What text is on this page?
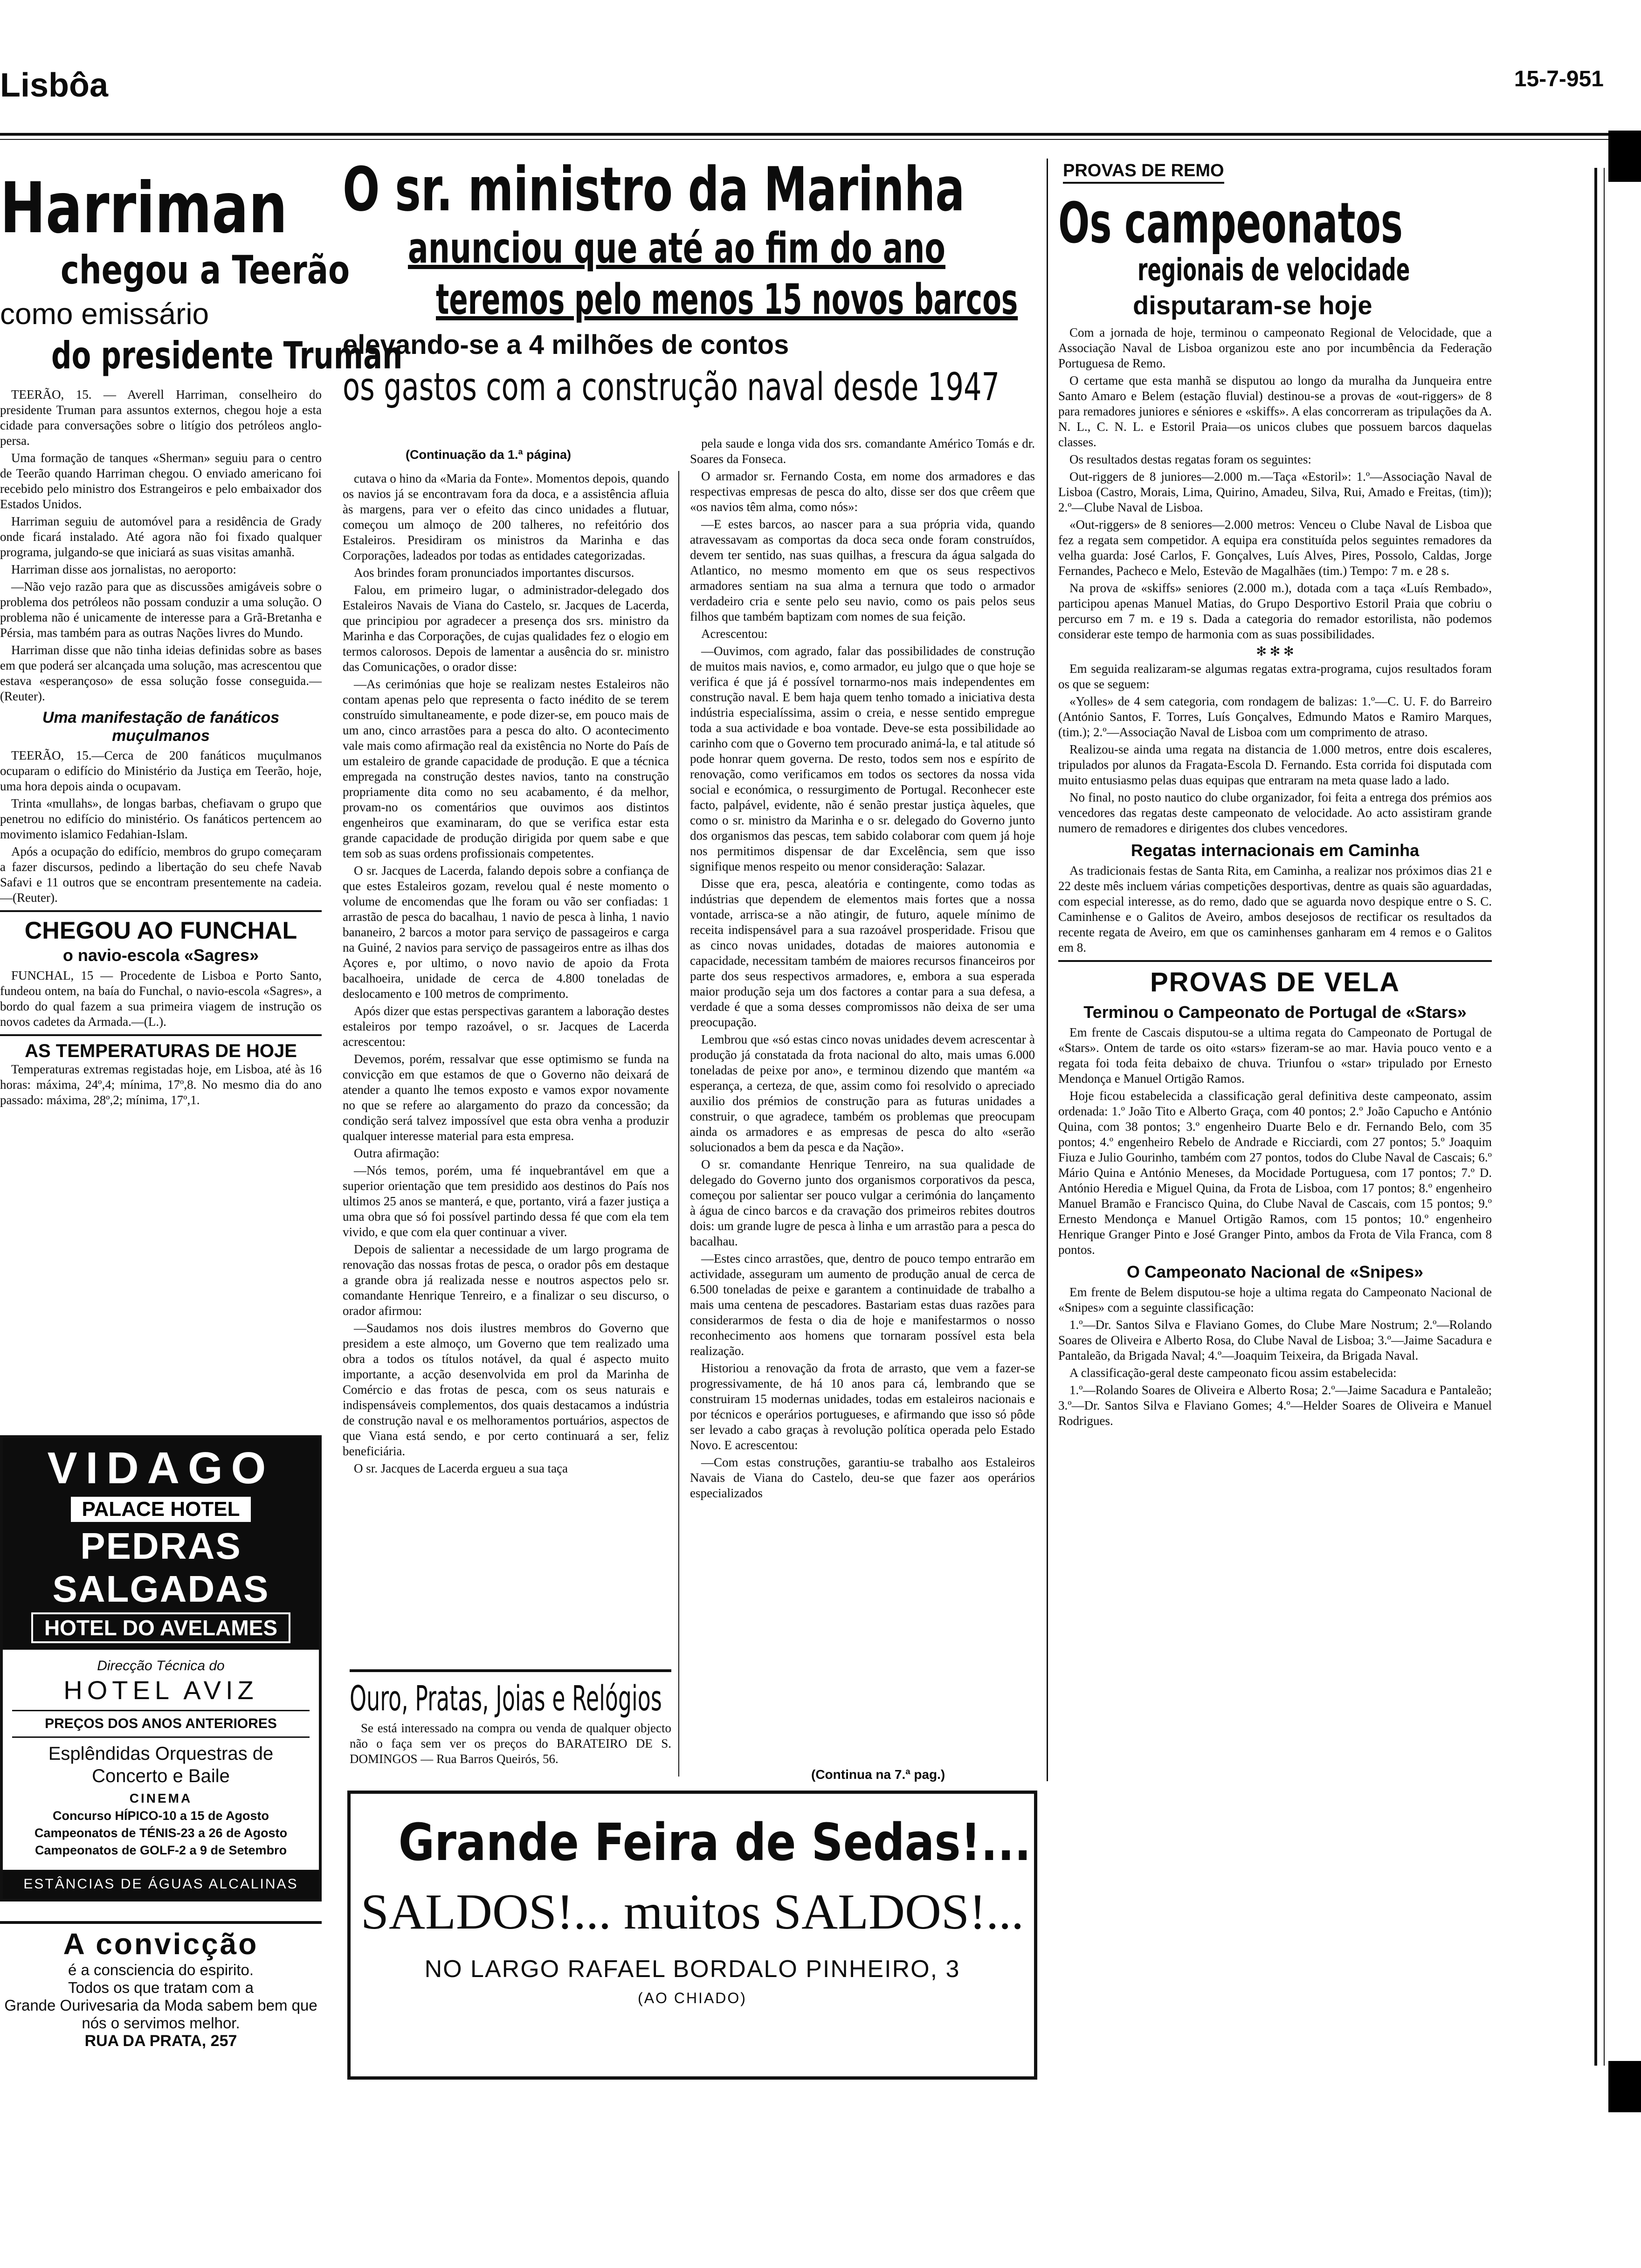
Lisbôa	15-7-951
Harriman
chegou a Teerão
como emissário
do presidente Truman

TEERÃO, 15. — Averell Harriman, conselheiro do presidente Truman para assuntos externos, chegou hoje a esta cidade para conversações sobre o litígio dos petróleos anglo-persa.

Uma formação de tanques «Sherman» seguiu para o centro de Teerão quando Harriman chegou. O enviado americano foi recebido pelo ministro dos Estrangeiros e pelo embaixador dos Estados Unidos.

Harriman seguiu de automóvel para a residência de Grady onde ficará instalado. Até agora não foi fixado qualquer programa, julgando-se que iniciará as suas visitas amanhã.

Harriman disse aos jornalistas, no aeroporto:

—Não vejo razão para que as discussões amigáveis sobre o problema dos petróleos não possam conduzir a uma solução. O problema não é unicamente de interesse para a Grã-Bretanha e Pérsia, mas também para as outras Nações livres do Mundo.

Harriman disse que não tinha ideias definidas sobre as bases em que poderá ser alcançada uma solução, mas acrescentou que estava «esperançoso» de essa solução fosse conseguida.—(Reuter).

Uma manifestação de fanáticos muçulmanos

TEERÃO, 15.—Cerca de 200 fanáticos muçulmanos ocuparam o edifício do Ministério da Justiça em Teerão, hoje, uma hora depois ainda o ocupavam.

Trinta «mullahs», de longas barbas, chefiavam o grupo que penetrou no edifício do ministério. Os fanáticos pertencem ao movimento islamico Fedahian-Islam.

Após a ocupação do edifício, membros do grupo começaram a fazer discursos, pedindo a libertação do seu chefe Navab Safavi e 11 outros que se encontram presentemente na cadeia.—(Reuter).

CHEGOU AO FUNCHAL
o navio-escola «Sagres»

FUNCHAL, 15 — Procedente de Lisboa e Porto Santo, fundeou ontem, na baía do Funchal, o navio-escola «Sagres», a bordo do qual fazem a sua primeira viagem de instrução os novos cadetes da Armada.—(L.).

AS TEMPERATURAS DE HOJE

Temperaturas extremas registadas hoje, em Lisboa, até às 16 horas: máxima, 24º,4; mínima, 17º,8. No mesmo dia do ano passado: máxima, 28º,2; mínima, 17º,1.

VIDAGO
PALACE HOTEL
PEDRAS SALGADAS
HOTEL DO AVELAMES
Direcção Técnica do
HOTEL AVIZ
PREÇOS DOS ANOS ANTERIORES
Esplêndidas Orquestras de Concerto e Baile
CINEMA
Concurso HÍPICO-10 a 15 de Agosto
Campeonatos de TÉNIS-23 a 26 de Agosto
Campeonatos de GOLF-2 a 9 de Setembro
ESTÂNCIAS DE ÁGUAS ALCALINAS
A convicção
é a consciencia do espirito.
Todos os que tratam com a
Grande Ourivesaria da Moda sabem bem que nós o servimos melhor.
RUA DA PRATA, 257
O sr. ministro da Marinha
anunciou que até ao fim do ano
teremos pelo menos 15 novos barcos
elevando-se a 4 milhões de contos
os gastos com a construção naval desde 1947
(Continuação da 1.ª página)

cutava o hino da «Maria da Fonte». Momentos depois, quando os navios já se encontravam fora da doca, e a assistência afluia às margens, para ver o efeito das cinco unidades a flutuar, começou um almoço de 200 talheres, no refeitório dos Estaleiros. Presidiram os ministros da Marinha e das Corporações, ladeados por todas as entidades categorizadas.

Aos brindes foram pronunciados importantes discursos.

Falou, em primeiro lugar, o administrador-delegado dos Estaleiros Navais de Viana do Castelo, sr. Jacques de Lacerda, que principiou por agradecer a presença dos srs. ministro da Marinha e das Corporações, de cujas qualidades fez o elogio em termos calorosos. Depois de lamentar a ausência do sr. ministro das Comunicações, o orador disse:

—As cerimónias que hoje se realizam nestes Estaleiros não contam apenas pelo que representa o facto inédito de se terem construído simultaneamente, e pode dizer-se, em pouco mais de um ano, cinco arrastões para a pesca do alto. O acontecimento vale mais como afirmação real da existência no Norte do País de um estaleiro de grande capacidade de produção. E que a técnica empregada na construção destes navios, tanto na construção propriamente dita como no seu acabamento, é da melhor, provam-no os comentários que ouvimos aos distintos engenheiros que examinaram, do que se verifica estar esta grande capacidade de produção dirigida por quem sabe e que tem sob as suas ordens profissionais competentes.

O sr. Jacques de Lacerda, falando depois sobre a confiança de que estes Estaleiros gozam, revelou qual é neste momento o volume de encomendas que lhe foram ou vão ser confiadas: 1 arrastão de pesca do bacalhau, 1 navio de pesca à linha, 1 navio bananeiro, 2 barcos a motor para serviço de passageiros e carga na Guiné, 2 navios para serviço de passageiros entre as ilhas dos Açores e, por ultimo, o novo navio de apoio da Frota bacalhoeira, unidade de cerca de 4.800 toneladas de deslocamento e 100 metros de comprimento.

Após dizer que estas perspectivas garantem a laboração destes estaleiros por tempo razoável, o sr. Jacques de Lacerda acrescentou:

Devemos, porém, ressalvar que esse optimismo se funda na convicção em que estamos de que o Governo não deixará de atender a quanto lhe temos exposto e vamos expor novamente no que se refere ao alargamento do prazo da concessão; da condição será talvez impossível que esta obra venha a produzir qualquer interesse material para esta empresa.

Outra afirmação:

—Nós temos, porém, uma fé inquebrantável em que a superior orientação que tem presidido aos destinos do País nos ultimos 25 anos se manterá, e que, portanto, virá a fazer justiça a uma obra que só foi possível partindo dessa fé que com ela tem vivido, e que com ela quer continuar a viver.

Depois de salientar a necessidade de um largo programa de renovação das nossas frotas de pesca, o orador pôs em destaque a grande obra já realizada nesse e noutros aspectos pelo sr. comandante Henrique Tenreiro, e a finalizar o seu discurso, o orador afirmou:

—Saudamos nos dois ilustres membros do Governo que presidem a este almoço, um Governo que tem realizado uma obra a todos os títulos notável, da qual é aspecto muito importante, a acção desenvolvida em prol da Marinha de Comércio e das frotas de pesca, com os seus naturais e indispensáveis complementos, dos quais destacamos a indústria de construção naval e os melhoramentos portuários, aspectos de que Viana está sendo, e por certo continuará a ser, feliz beneficiária.

O sr. Jacques de Lacerda ergueu a sua taça

pela saude e longa vida dos srs. comandante Américo Tomás e dr. Soares da Fonseca.

O armador sr. Fernando Costa, em nome dos armadores e das respectivas empresas de pesca do alto, disse ser dos que crêem que «os navios têm alma, como nós»:

—E estes barcos, ao nascer para a sua própria vida, quando atravessavam as comportas da doca seca onde foram construídos, devem ter sentido, nas suas quilhas, a frescura da água salgada do Atlantico, no mesmo momento em que os seus respectivos armadores sentiam na sua alma a ternura que todo o armador verdadeiro cria e sente pelo seu navio, como os pais pelos seus filhos que também baptizam com nomes de sua feição.

Acrescentou:

—Ouvimos, com agrado, falar das possibilidades de construção de muitos mais navios, e, como armador, eu julgo que o que hoje se verifica é que já é possível tornarmo-nos mais independentes em construção naval. E bem haja quem tenho tomado a iniciativa desta indústria especialíssima, assim o creia, e nesse sentido empregue toda a sua actividade e boa vontade. Deve-se esta possibilidade ao carinho com que o Governo tem procurado animá-la, e tal atitude só pode honrar quem governa. De resto, todos sem nos e espírito de renovação, como verificamos em todos os sectores da nossa vida social e económica, o ressurgimento de Portugal. Reconhecer este facto, palpável, evidente, não é senão prestar justiça àqueles, que como o sr. ministro da Marinha e o sr. delegado do Governo junto dos organismos das pescas, tem sabido colaborar com quem já hoje nos permitimos dispensar de dar Excelência, sem que isso signifique menos respeito ou menor consideração: Salazar.

Disse que era, pesca, aleatória e contingente, como todas as indústrias que dependem de elementos mais fortes que a nossa vontade, arrisca-se a não atingir, de futuro, aquele mínimo de receita indispensável para a sua razoável prosperidade. Frisou que as cinco novas unidades, dotadas de maiores autonomia e capacidade, necessitam também de maiores recursos financeiros por parte dos seus respectivos armadores, e, embora a sua esperada maior produção seja um dos factores a contar para a sua defesa, a verdade é que a soma desses compromissos não deixa de ser uma preocupação.

Lembrou que «só estas cinco novas unidades devem acrescentar à produção já constatada da frota nacional do alto, mais umas 6.000 toneladas de peixe por ano», e terminou dizendo que mantém «a esperança, a certeza, de que, assim como foi resolvido o apreciado auxilio dos prémios de construção para as futuras unidades a construir, o que agradece, também os problemas que preocupam ainda os armadores e as empresas de pesca do alto «serão solucionados a bem da pesca e da Nação».

O sr. comandante Henrique Tenreiro, na sua qualidade de delegado do Governo junto dos organismos corporativos da pesca, começou por salientar ser pouco vulgar a cerimónia do lançamento à água de cinco barcos e da cravação dos primeiros rebites doutros dois: um grande lugre de pesca à linha e um arrastão para a pesca do bacalhau.

—Estes cinco arrastões, que, dentro de pouco tempo entrarão em actividade, asseguram um aumento de produção anual de cerca de 6.500 toneladas de peixe e garantem a continuidade de trabalho a mais uma centena de pescadores. Bastariam estas duas razões para considerarmos de festa o dia de hoje e manifestarmos o nosso reconhecimento aos homens que tornaram possível esta bela realização.

Historiou a renovação da frota de arrasto, que vem a fazer-se progressivamente, de há 10 anos para cá, lembrando que se construiram 15 modernas unidades, todas em estaleiros nacionais e por técnicos e operários portugueses, e afirmando que isso só pôde ser levado a cabo graças à revolução política operada pelo Estado Novo. E acrescentou:

—Com estas construções, garantiu-se trabalho aos Estaleiros Navais de Viana do Castelo, deu-se que fazer aos operários especializados

(Continua na 7.ª pag.)
Ouro, Pratas, Joias e Relógios

Se está interessado na compra ou venda de qualquer objecto não o faça sem ver os preços do BARATEIRO DE S. DOMINGOS — Rua Barros Queirós, 56.

Grande Feira de Sedas!...
SALDOS!... muitos SALDOS!...
NO LARGO RAFAEL BORDALO PINHEIRO, 3
(AO CHIADO)
PROVAS DE REMO
Os campeonatos
regionais de velocidade
disputaram-se hoje

Com a jornada de hoje, terminou o campeonato Regional de Velocidade, que a Associação Naval de Lisboa organizou este ano por incumbência da Federação Portuguesa de Remo.

O certame que esta manhã se disputou ao longo da muralha da Junqueira entre Santo Amaro e Belem (estação fluvial) destinou-se a provas de «out-riggers» de 8 para remadores juniores e séniores e «skiffs». A elas concorreram as tripulações da A. N. L., C. N. L. e Estoril Praia—os unicos clubes que possuem barcos daquelas classes.

Os resultados destas regatas foram os seguintes:

Out-riggers de 8 juniores—2.000 m.—Taça «Estoril»: 1.º—Associação Naval de Lisboa (Castro, Morais, Lima, Quirino, Amadeu, Silva, Rui, Amado e Freitas, (tim)); 2.º—Clube Naval de Lisboa.

«Out-riggers» de 8 seniores—2.000 metros: Venceu o Clube Naval de Lisboa que fez a regata sem competidor. A equipa era constituída pelos seguintes remadores da velha guarda: José Carlos, F. Gonçalves, Luís Alves, Pires, Possolo, Caldas, Jorge Fernandes, Pacheco e Melo, Estevão de Magalhães (tim.) Tempo: 7 m. e 28 s.

Na prova de «skiffs» seniores (2.000 m.), dotada com a taça «Luís Rembado», participou apenas Manuel Matias, do Grupo Desportivo Estoril Praia que cobriu o percurso em 7 m. e 19 s. Dada a categoria do remador estorilista, não podemos considerar este tempo de harmonia com as suas possibilidades.

✻ ✻ ✻

Em seguida realizaram-se algumas regatas extra-programa, cujos resultados foram os que se seguem:

«Yolles» de 4 sem categoria, com rondagem de balizas: 1.º—C. U. F. do Barreiro (António Santos, F. Torres, Luís Gonçalves, Edmundo Matos e Ramiro Marques, (tim.); 2.º—Associação Naval de Lisboa com um comprimento de atraso.

Realizou-se ainda uma regata na distancia de 1.000 metros, entre dois escaleres, tripulados por alunos da Fragata-Escola D. Fernando. Esta corrida foi disputada com muito entusiasmo pelas duas equipas que entraram na meta quase lado a lado.

No final, no posto nautico do clube organizador, foi feita a entrega dos prémios aos vencedores das regatas deste campeonato de velocidade. Ao acto assistiram grande numero de remadores e dirigentes dos clubes vencedores.

Regatas internacionais em Caminha

As tradicionais festas de Santa Rita, em Caminha, a realizar nos próximos dias 21 e 22 deste mês incluem várias competições desportivas, dentre as quais são aguardadas, com especial interesse, as do remo, dado que se aguarda novo despique entre o S. C. Caminhense e o Galitos de Aveiro, ambos desejosos de rectificar os resultados da recente regata de Aveiro, em que os caminhenses ganharam em 4 remos e o Galitos em 8.

PROVAS DE VELA
Terminou o Campeonato de Portugal de «Stars»

Em frente de Cascais disputou-se a ultima regata do Campeonato de Portugal de «Stars». Ontem de tarde os oito «stars» fizeram-se ao mar. Havia pouco vento e a regata foi toda feita debaixo de chuva. Triunfou o «star» tripulado por Ernesto Mendonça e Manuel Ortigão Ramos.

Hoje ficou estabelecida a classificação geral definitiva deste campeonato, assim ordenada: 1.º João Tito e Alberto Graça, com 40 pontos; 2.º João Capucho e António Quina, com 38 pontos; 3.º engenheiro Duarte Belo e dr. Fernando Belo, com 35 pontos; 4.º engenheiro Rebelo de Andrade e Ricciardi, com 27 pontos; 5.º Joaquim Fiuza e Julio Gourinho, também com 27 pontos, todos do Clube Naval de Cascais; 6.º Mário Quina e António Meneses, da Mocidade Portuguesa, com 17 pontos; 7.º D. António Heredia e Miguel Quina, da Frota de Lisboa, com 17 pontos; 8.º engenheiro Manuel Bramão e Francisco Quina, do Clube Naval de Cascais, com 15 pontos; 9.º Ernesto Mendonça e Manuel Ortigão Ramos, com 15 pontos; 10.º engenheiro Henrique Granger Pinto e José Granger Pinto, ambos da Frota de Vila Franca, com 8 pontos.

O Campeonato Nacional de «Snipes»

Em frente de Belem disputou-se hoje a ultima regata do Campeonato Nacional de «Snipes» com a seguinte classificação:

1.º—Dr. Santos Silva e Flaviano Gomes, do Clube Mare Nostrum; 2.º—Rolando Soares de Oliveira e Alberto Rosa, do Clube Naval de Lisboa; 3.º—Jaime Sacadura e Pantaleão, da Brigada Naval; 4.º—Joaquim Teixeira, da Brigada Naval.

A classificação-geral deste campeonato ficou assim estabelecida:

1.º—Rolando Soares de Oliveira e Alberto Rosa; 2.º—Jaime Sacadura e Pantaleão; 3.º—Dr. Santos Silva e Flaviano Gomes; 4.º—Helder Soares de Oliveira e Manuel Rodrigues.
